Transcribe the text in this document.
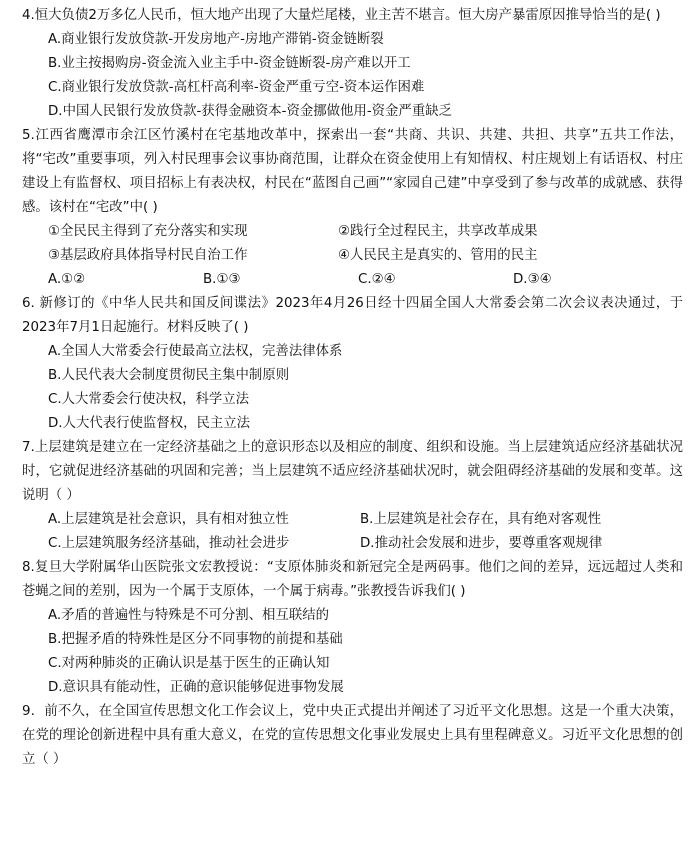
4.恒大负债2万多亿人民币，恒大地产出现了大量烂尾楼，业主苦不堪言。恒大房产暴雷原因推导恰当的是( )

A.商业银行发放贷款-开发房地产-房地产滞销-资金链断裂

B.业主按揭购房-资金流入业主手中-资金链断裂-房产难以开工

C.商业银行发放贷款-高杠杆高利率-资金严重亏空-资本运作困难

D.中国人民银行发放贷款-获得金融资本-资金挪做他用-资金严重缺乏

5.江西省鹰潭市余江区竹溪村在宅基地改革中，探索出一套“共商、共识、共建、共担、共享”五共工作法，将“宅改”重要事项，列入村民理事会议事协商范围，让群众在资金使用上有知情权、村庄规划上有话语权、村庄建设上有监督权、项目招标上有表决权，村民在“蓝图自己画”“家园自己建”中享受到了参与改革的成就感、获得感。该村在“宅改”中( )

①全民民主得到了充分落实和实现	②践行全过程民主，共享改革成果
③基层政府具体指导村民自治工作	④人民民主是真实的、管用的民主
A.①②	B.①③	C.②④	D.③④

6. 新修订的《中华人民共和国反间谍法》2023年4月26日经十四届全国人大常委会第二次会议表决通过，于2023年7月1日起施行。材料反映了( )

A.全国人大常委会行使最高立法权，完善法律体系

B.人民代表大会制度贯彻民主集中制原则

C.人大常委会行使决权，科学立法

D.人大代表行使监督权，民主立法

7.上层建筑是建立在一定经济基础之上的意识形态以及相应的制度、组织和设施。当上层建筑适应经济基础状况时，它就促进经济基础的巩固和完善；当上层建筑不适应经济基础状况时，就会阻碍经济基础的发展和变革。这说明（ ）

A.上层建筑是社会意识，具有相对独立性	B.上层建筑是社会存在，具有绝对客观性
C.上层建筑服务经济基础，推动社会进步	D.推动社会发展和进步，要尊重客观规律

8.复旦大学附属华山医院张文宏教授说：“支原体肺炎和新冠完全是两码事。他们之间的差异，远远超过人类和苍蝇之间的差别，因为一个属于支原体，一个属于病毒。”张教授告诉我们( )

A.矛盾的普遍性与特殊是不可分割、相互联结的

B.把握矛盾的特殊性是区分不同事物的前提和基础

C.对两种肺炎的正确认识是基于医生的正确认知

D.意识具有能动性，正确的意识能够促进事物发展

9．前不久，在全国宣传思想文化工作会议上，党中央正式提出并阐述了习近平文化思想。这是一个重大决策，在党的理论创新进程中具有重大意义，在党的宣传思想文化事业发展史上具有里程碑意义。习近平文化思想的创立（ ）
